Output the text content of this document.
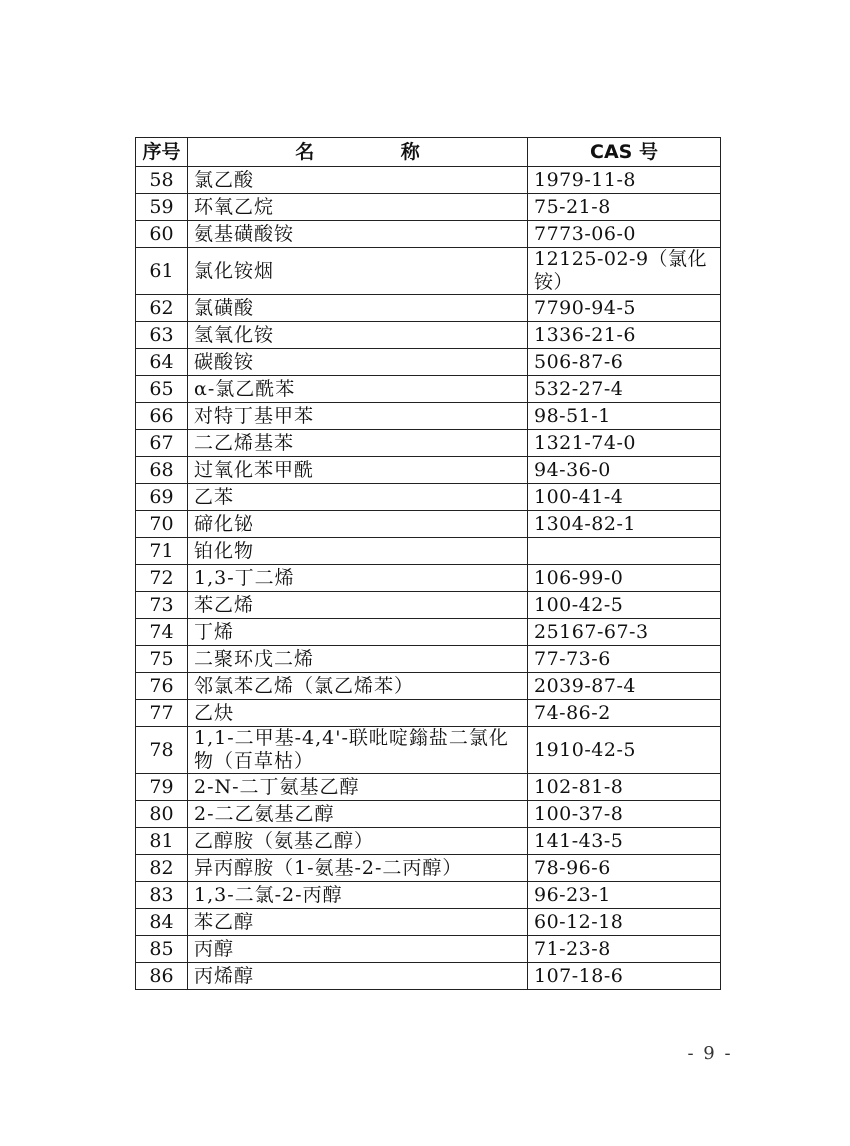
序号	名 称	CAS 号
58	氯乙酸	1979-11-8
59	环氧乙烷	75-21-8
60	氨基磺酸铵	7773-06-0
61	氯化铵烟	12125-02-9（氯化铵）
62	氯磺酸	7790-94-5
63	氢氧化铵	1336-21-6
64	碳酸铵	506-87-6
65	α-氯乙酰苯	532-27-4
66	对特丁基甲苯	98-51-1
67	二乙烯基苯	1321-74-0
68	过氧化苯甲酰	94-36-0
69	乙苯	100-41-4
70	碲化铋	1304-82-1
71	铂化物	
72	1,3-丁二烯	106-99-0
73	苯乙烯	100-42-5
74	丁烯	25167-67-3
75	二聚环戊二烯	77-73-6
76	邻氯苯乙烯（氯乙烯苯）	2039-87-4
77	乙炔	74-86-2
78	1,1-二甲基-4,4'-联吡啶鎓盐二氯化物（百草枯）	1910-42-5
79	2-N-二丁氨基乙醇	102-81-8
80	2-二乙氨基乙醇	100-37-8
81	乙醇胺（氨基乙醇）	141-43-5
82	异丙醇胺（1-氨基-2-二丙醇）	78-96-6
83	1,3-二氯-2-丙醇	96-23-1
84	苯乙醇	60-12-18
85	丙醇	71-23-8
86	丙烯醇	107-18-6
- 9 -
